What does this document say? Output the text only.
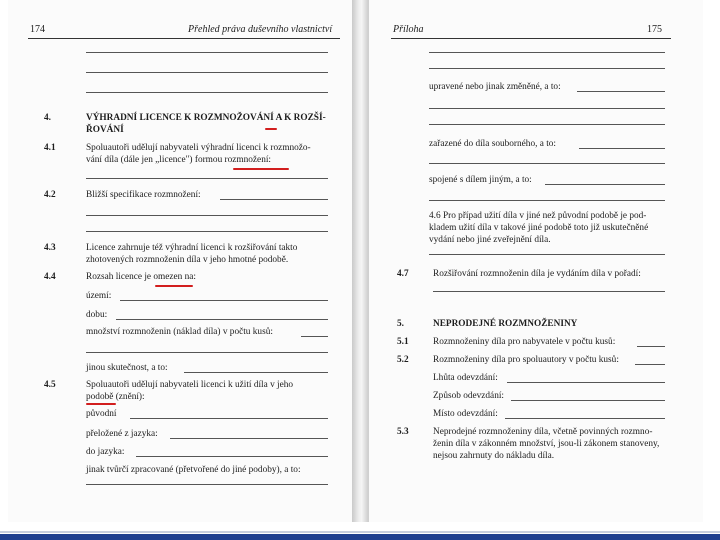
174	Přehled práva duševního vlastnictví
4.	VÝHRADNÍ LICENCE K ROZMNOŽOVÁNÍ A K ROZŠÍ-
ŘOVÁNÍ
4.1	Spoluautoři udělují nabyvateli výhradní licenci k rozmnožo-
vání díla (dále jen „licence") formou rozmnožení:
4.2	Bližší specifikace rozmnožení:
4.3	Licence zahrnuje též výhradní licenci k rozšiřování takto
zhotovených rozmnoženin díla v jeho hmotné podobě.
4.4	Rozsah licence je omezen na:
území:
dobu:
množství rozmnoženin (náklad díla) v počtu kusů:
jinou skutečnost, a to:
4.5	Spoluautoři udělují nabyvateli licenci k užití díla v jeho
podobě (znění):
původní
přeložené z jazyka:
do jazyka:
jinak tvůrčí zpracované (přetvořené do jiné podoby), a to:
Příloha	175
upravené nebo jinak změněné, a to:
zařazené do díla souborného, a to:
spojené s dílem jiným, a to:
4.6 Pro případ užití díla v jiné než původní podobě je pod-
kladem užití díla v takové jiné podobě toto již uskutečněné
vydání nebo jiné zveřejnění díla.
4.7	Rozšiřování rozmnoženin díla je vydáním díla v pořadí:
5.	NEPRODEJNÉ ROZMNOŽENINY
5.1	Rozmnoženiny díla pro nabyvatele v počtu kusů:
5.2	Rozmnoženiny díla pro spoluautory v počtu kusů:
Lhůta odevzdání:
Způsob odevzdání:
Místo odevzdání:
5.3	Neprodejné rozmnoženiny díla, včetně povinných rozmno-
ženin díla v zákonném množství, jsou-li zákonem stanoveny,
nejsou zahrnuty do nákladu díla.
